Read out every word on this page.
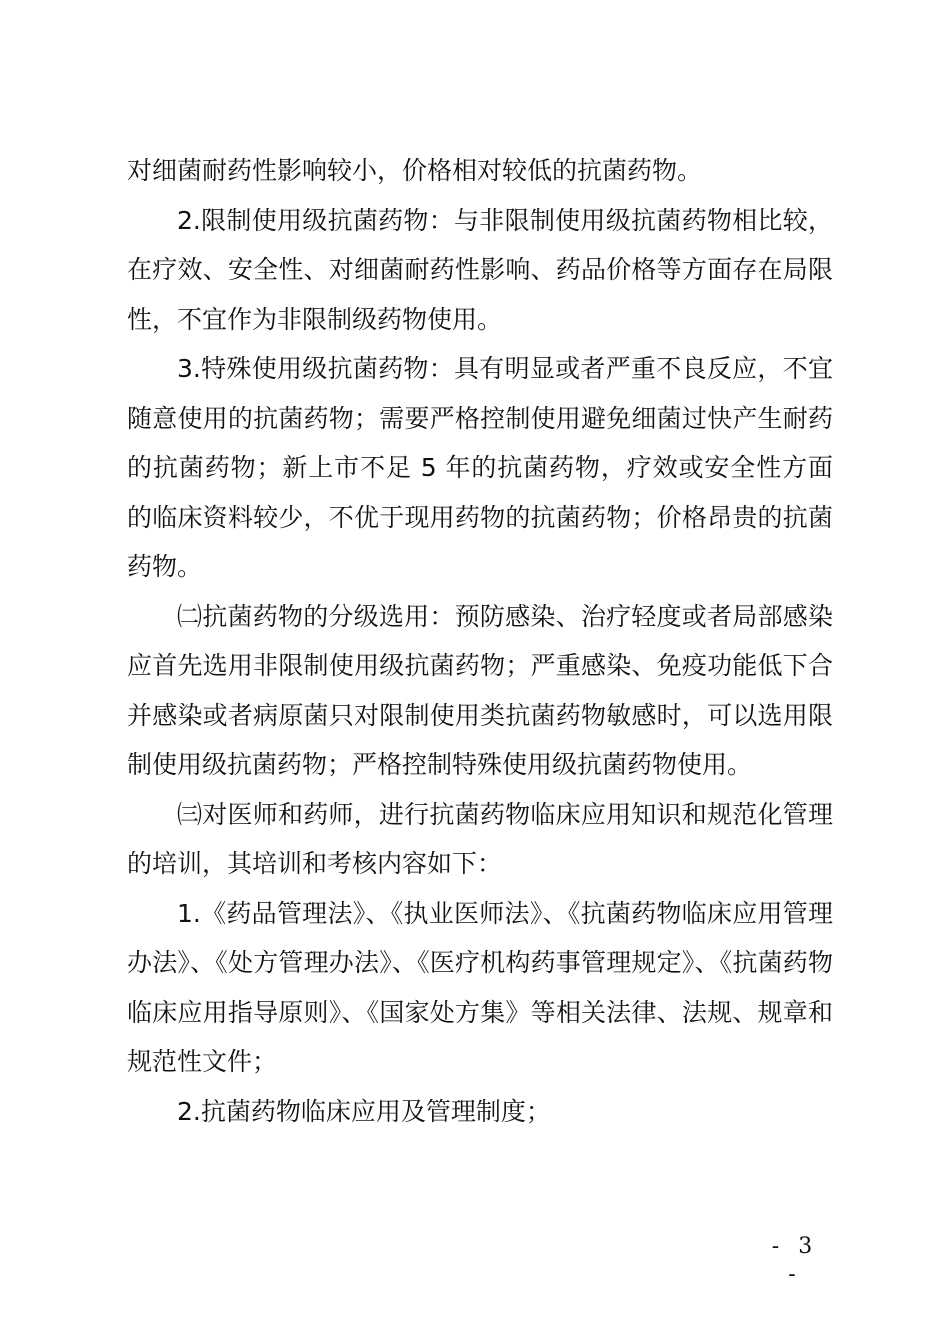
对细菌耐药性影响较小，价格相对较低的抗菌药物。

2.限制使用级抗菌药物：与非限制使用级抗菌药物相比较，在疗效、安全性、对细菌耐药性影响、药品价格等方面存在局限性，不宜作为非限制级药物使用。

3.特殊使用级抗菌药物：具有明显或者严重不良反应，不宜随意使用的抗菌药物；需要严格控制使用避免细菌过快产生耐药的抗菌药物；新上市不足 5 年的抗菌药物，疗效或安全性方面的临床资料较少，不优于现用药物的抗菌药物；价格昂贵的抗菌药物。

㈡抗菌药物的分级选用：预防感染、治疗轻度或者局部感染应首先选用非限制使用级抗菌药物；严重感染、免疫功能低下合并感染或者病原菌只对限制使用类抗菌药物敏感时，可以选用限制使用级抗菌药物；严格控制特殊使用级抗菌药物使用。

㈢对医师和药师，进行抗菌药物临床应用知识和规范化管理的培训，其培训和考核内容如下：

1.《药品管理法》、《执业医师法》、《抗菌药物临床应用管理办法》、《处方管理办法》、《医疗机构药事管理规定》、《抗菌药物临床应用指导原则》、《国家处方集》等相关法律、法规、规章和规范性文件；

2.抗菌药物临床应用及管理制度；

- 3 -
